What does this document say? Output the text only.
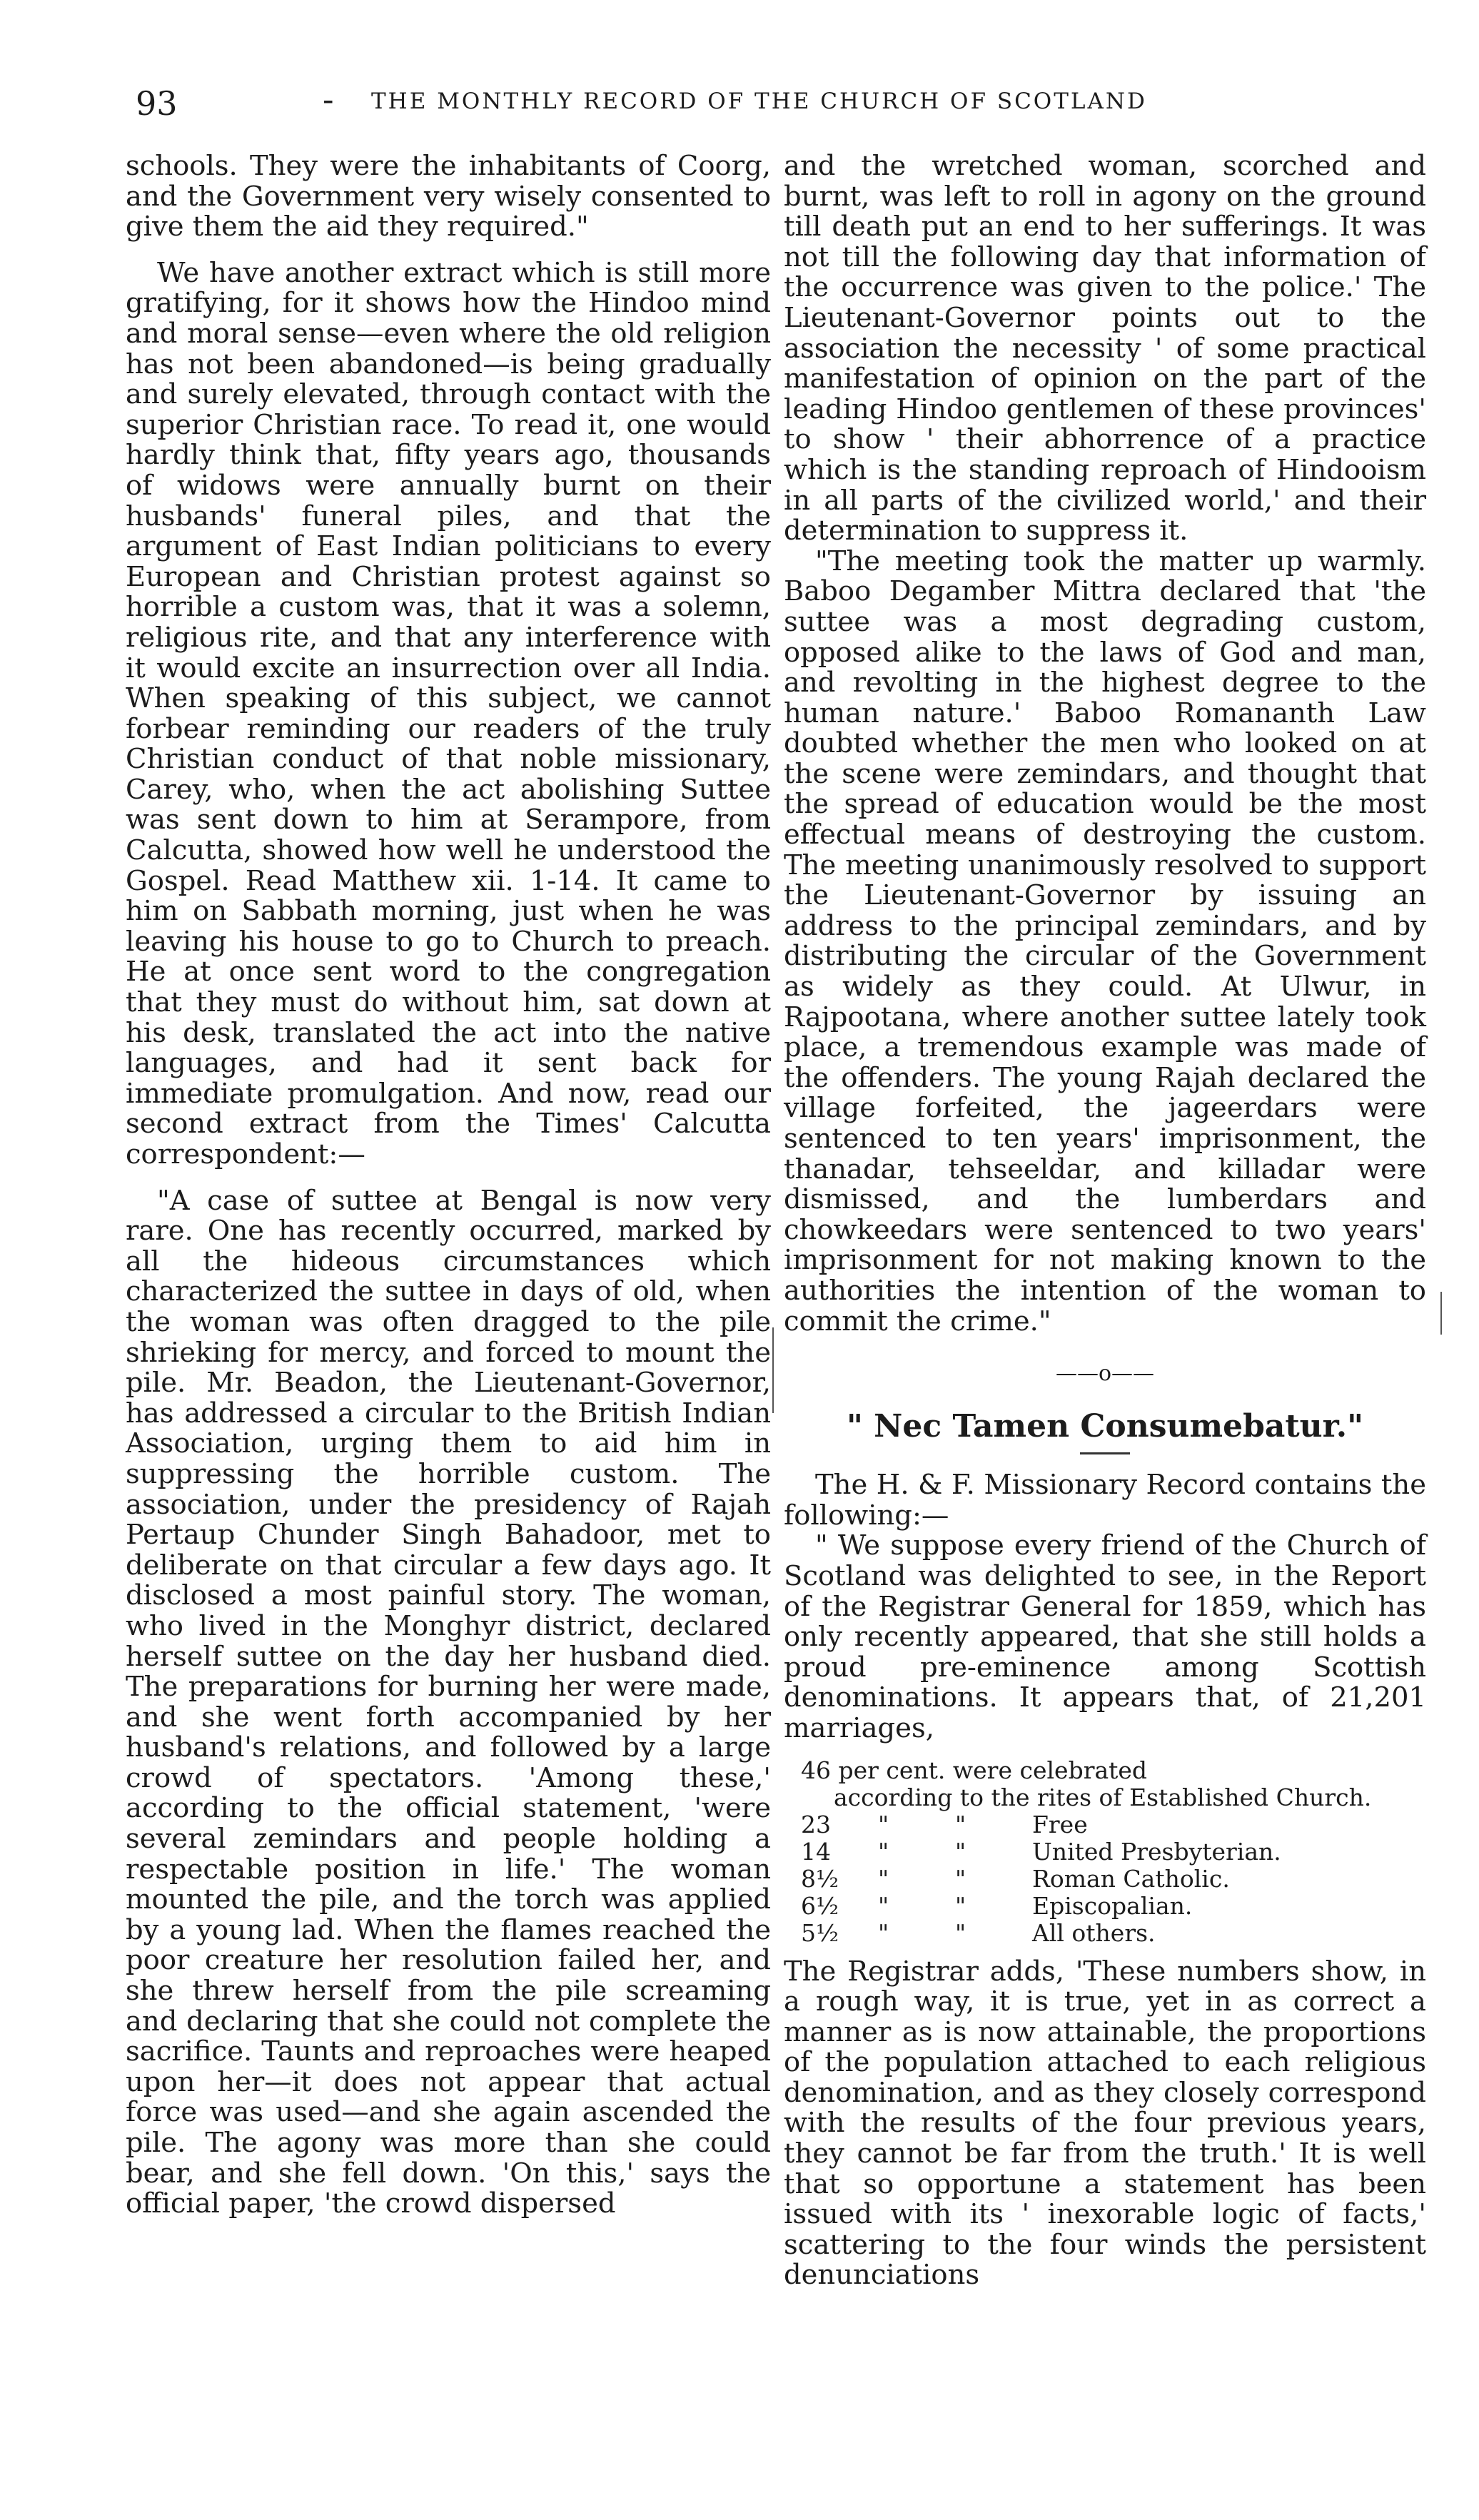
93	- THE MONTHLY RECORD OF THE CHURCH OF SCOTLAND

schools. They were the inhabitants of Coorg, and the Government very wisely consented to give them the aid they required."

We have another extract which is still more gratifying, for it shows how the Hindoo mind and moral sense—even where the old religion has not been abandoned—is being gradually and surely elevated, through contact with the superior Christian race. To read it, one would hardly think that, fifty years ago, thousands of widows were annually burnt on their husbands' funeral piles, and that the argument of East Indian politicians to every European and Christian protest against so horrible a custom was, that it was a solemn, religious rite, and that any interference with it would excite an insurrection over all India. When speaking of this subject, we cannot forbear reminding our readers of the truly Christian conduct of that noble missionary, Carey, who, when the act abolishing Suttee was sent down to him at Serampore, from Calcutta, showed how well he understood the Gospel. Read Matthew xii. 1-14. It came to him on Sabbath morning, just when he was leaving his house to go to Church to preach. He at once sent word to the congregation that they must do without him, sat down at his desk, translated the act into the native languages, and had it sent back for immediate promulgation. And now, read our second extract from the Times' Calcutta correspondent:—

"A case of suttee at Bengal is now very rare. One has recently occurred, marked by all the hideous circumstances which characterized the suttee in days of old, when the woman was often dragged to the pile shrieking for mercy, and forced to mount the pile. Mr. Beadon, the Lieutenant-Governor, has addressed a circular to the British Indian Association, urging them to aid him in suppressing the horrible custom. The association, under the presidency of Rajah Pertaup Chunder Singh Bahadoor, met to deliberate on that circular a few days ago. It disclosed a most painful story. The woman, who lived in the Monghyr district, declared herself suttee on the day her husband died. The preparations for burning her were made, and she went forth accompanied by her husband's relations, and followed by a large crowd of spectators. 'Among these,' according to the official statement, 'were several zemindars and people holding a respectable position in life.' The woman mounted the pile, and the torch was applied by a young lad. When the flames reached the poor creature her resolution failed her, and she threw herself from the pile screaming and declaring that she could not complete the sacrifice. Taunts and reproaches were heaped upon her—it does not appear that actual force was used—and she again ascended the pile. The agony was more than she could bear, and she fell down. 'On this,' says the official paper, 'the crowd dispersed

and the wretched woman, scorched and burnt, was left to roll in agony on the ground till death put an end to her sufferings. It was not till the following day that information of the occurrence was given to the police.' The Lieutenant-Governor points out to the association the necessity ' of some practical manifestation of opinion on the part of the leading Hindoo gentlemen of these provinces' to show ' their abhorrence of a practice which is the standing reproach of Hindooism in all parts of the civilized world,' and their determination to suppress it.

"The meeting took the matter up warmly. Baboo Degamber Mittra declared that 'the suttee was a most degrading custom, opposed alike to the laws of God and man, and revolting in the highest degree to the human nature.' Baboo Romananth Law doubted whether the men who looked on at the scene were zemindars, and thought that the spread of education would be the most effectual means of destroying the custom. The meeting unanimously resolved to support the Lieutenant-Governor by issuing an address to the principal zemindars, and by distributing the circular of the Government as widely as they could. At Ulwur, in Rajpootana, where another suttee lately took place, a tremendous example was made of the offenders. The young Rajah declared the village forfeited, the jageerdars were sentenced to ten years' imprisonment, the thanadar, tehseeldar, and killadar were dismissed, and the lumberdars and chowkeedars were sentenced to two years' imprisonment for not making known to the authorities the intention of the woman to commit the crime."

——o——
" Nec Tamen Consumebatur."

The H. & F. Missionary Record contains the following:—

" We suppose every friend of the Church of Scotland was delighted to see, in the Report of the Registrar General for 1859, which has only recently appeared, that she still holds a proud pre-eminence among Scottish denominations. It appears that, of 21,201 marriages,

46 per cent. were celebrated
according to the rites of Established Church.
23	"	"	Free
14	"	"	United Presbyterian.
8½	"	"	Roman Catholic.
6½	"	"	Episcopalian.
5½	"	"	All others.

The Registrar adds, 'These numbers show, in a rough way, it is true, yet in as correct a manner as is now attainable, the proportions of the population attached to each religious denomination, and as they closely correspond with the results of the four previous years, they cannot be far from the truth.' It is well that so opportune a statement has been issued with its ' inexorable logic of facts,' scattering to the four winds the persistent denunciations
